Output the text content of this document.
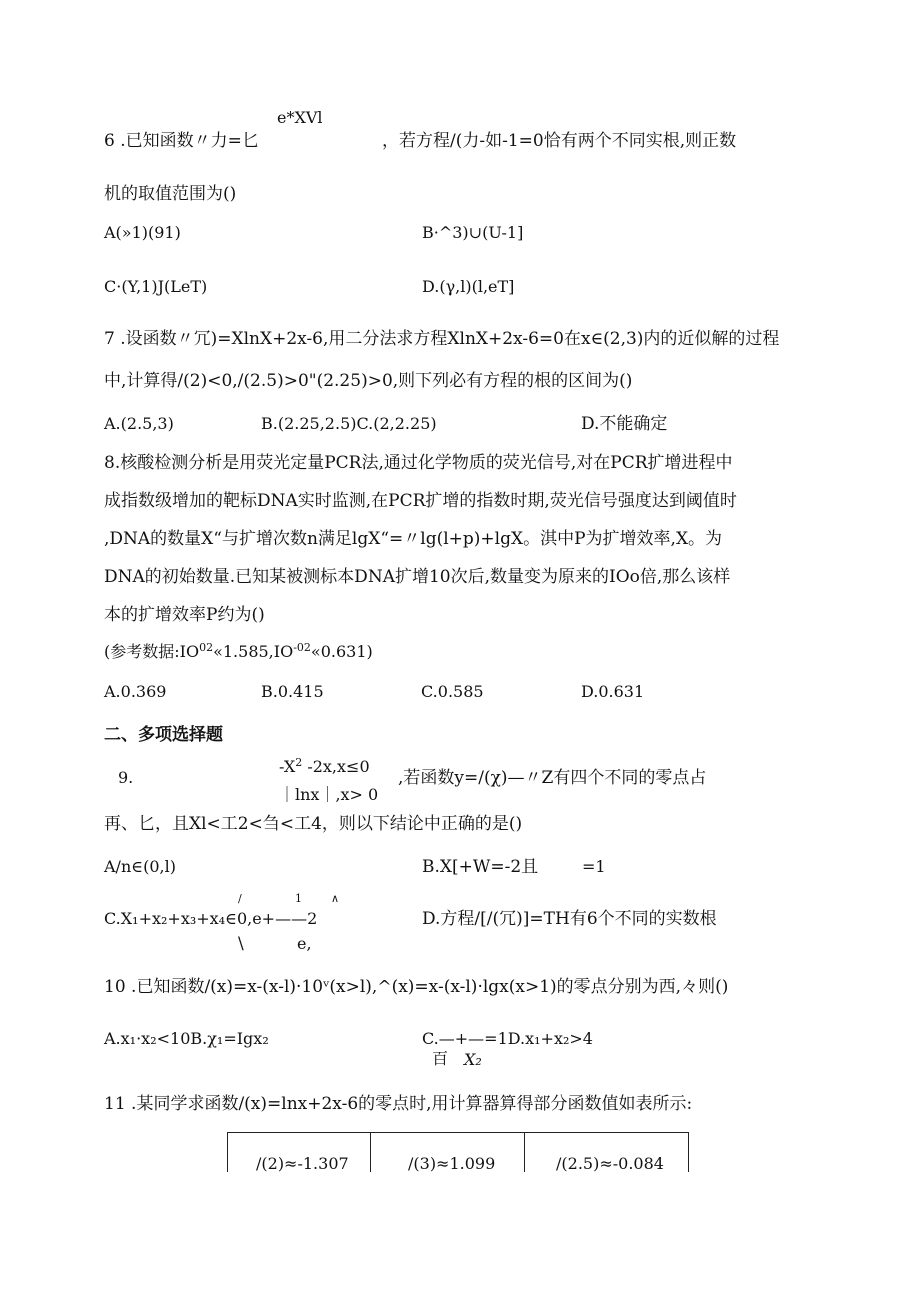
e*XVl
6 .已知函数〃力=匕	，若方程/(力-如-1=0恰有两个不同实根,则正数
机的取值范围为()
A(»1)(91)	B·^3)∪(U-1]
C·(Y,1)J(LeT)	D.(γ,l)(l,eT]
7 .设函数〃冗)=XlnX+2x-6,用二分法求方程XlnX+2x-6=0在x∈(2,3)内的近似解的过程
中,计算得/(2)<0,/(2.5)>0"(2.25)>0,则下列必有方程的根的区间为()
A.(2.5,3)	B.(2.25,2.5)C.(2,2.25)	D.不能确定
8.核酸检测分析是用荧光定量PCR法,通过化学物质的荧光信号,对在PCR扩增进程中
成指数级增加的靶标DNA实时监测,在PCR扩增的指数时期,荧光信号强度达到阈值时
,DNA的数量X“与扩增次数n满足lgX“=〃lg(l+p)+lgX。淇中P为扩增效率,X。为
DNA的初始数量.已知某被测标本DNA扩增10次后,数量变为原来的IOo倍,那么该样
本的扩增效率P约为()
(参考数据$:IO^{02}«1.585,IO^{-02}«0.631$)
A.0.369	B.0.415	C.0.585	D.0.631
二、多项选择题
$-X^2$ -2x,x≤0
9.	,若函数y=/(χ)—〃Z有四个不同的零点占
｜lnx｜,x> 0
再、匕，且Xl<工2<刍<工4，则以下结论中正确的是()
A/n∈(0,l)	B.X[+W=-2且	=1
/	1	∧
C.X₁+x₂+x₃+x₄∈0,e+——2
\	e,
D.方程/[/(冗)]=TH有6个不同的实数根
10 .已知函数/(x)=x-(x-l)·10ᵛ(x>l),^(x)=x-(x-l)·lgx(x>1)的零点分别为西,々则()
A.x₁·x₂<10B.χ₁=Igx₂	C.—+—=1D.x₁+x₂>4
百 X₂
11 .某同学求函数/(x)=lnx+2x-6的零点时,用计算器算得部分函数值如表所示:
/(2)≈-1.307	/(3)≈1.099	/(2.5)≈-0.084
